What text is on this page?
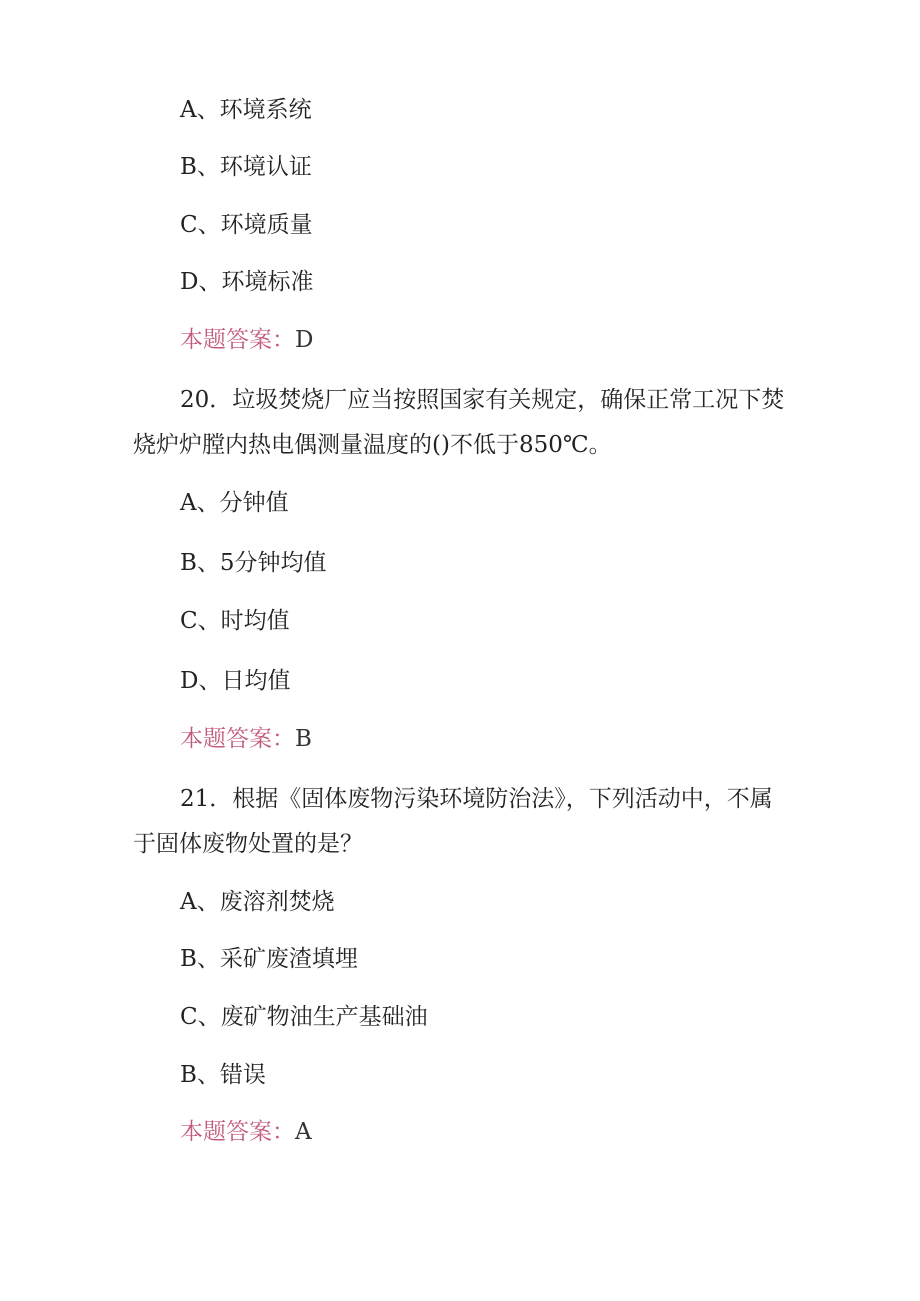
A、环境系统
B、环境认证
C、环境质量
D、环境标准
本题答案：D
20．垃圾焚烧厂应当按照国家有关规定，确保正常工况下焚
烧炉炉膛内热电偶测量温度的()不低于850℃。
A、分钟值
B、5分钟均值
C、时均值
D、日均值
本题答案：B
21．根据《固体废物污染环境防治法》，下列活动中，不属
于固体废物处置的是？
A、废溶剂焚烧
B、采矿废渣填埋
C、废矿物油生产基础油
B、错误
本题答案：A
